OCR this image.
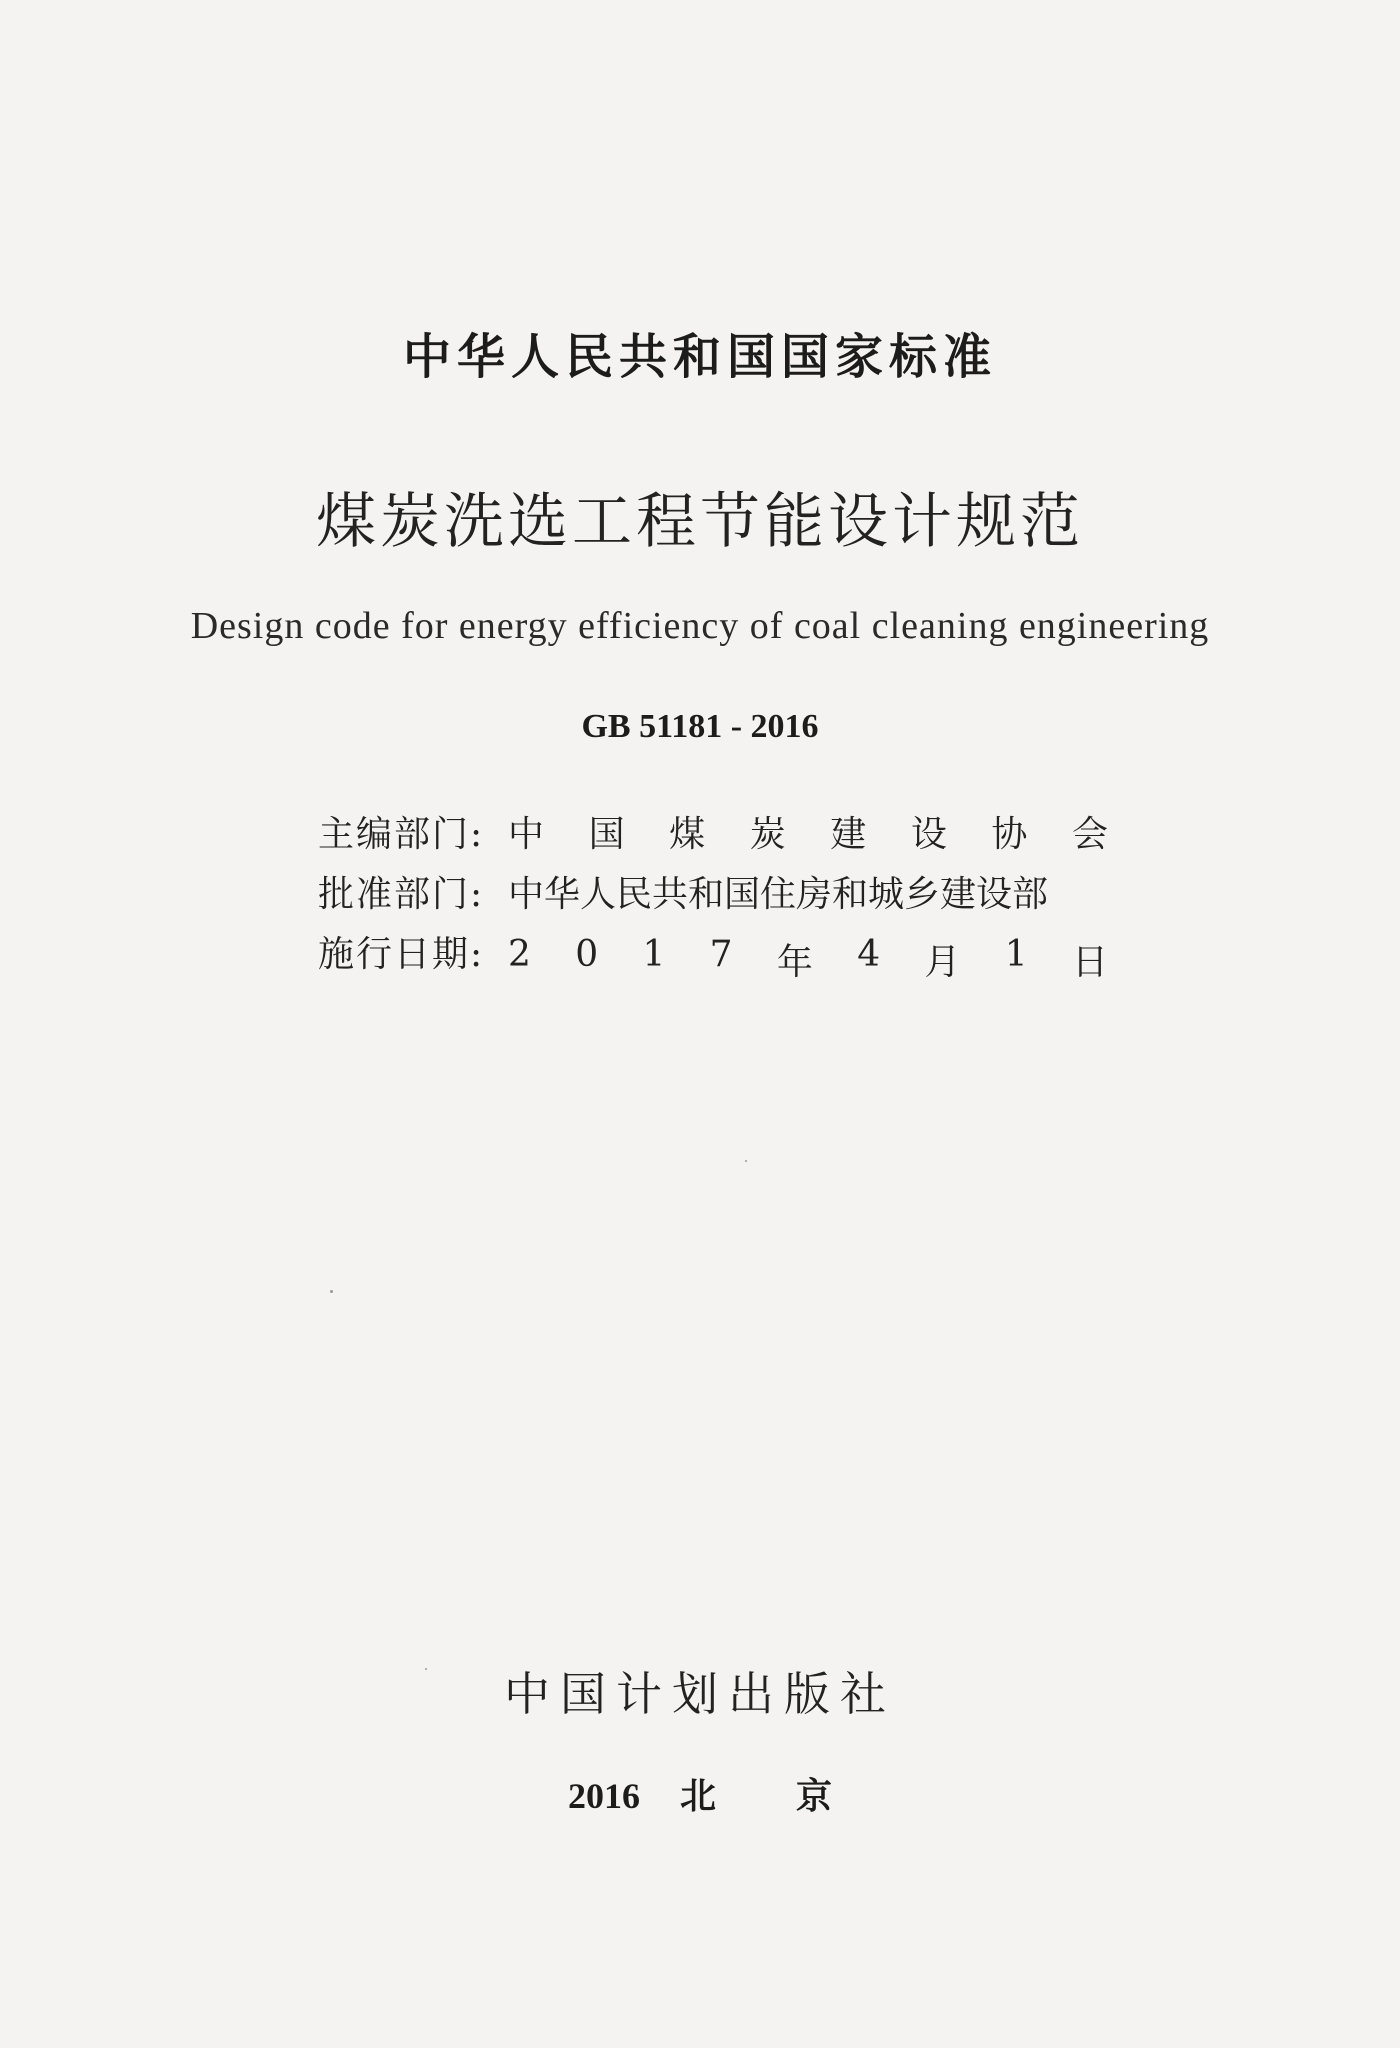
中华人民共和国国家标准
煤炭洗选工程节能设计规范
Design code for energy efficiency of coal cleaning engineering
GB 51181 - 2016
主编部门: 中 国 煤 炭 建 设 协 会
批准部门: 中华人民共和国住房和城乡建设部
施行日期: 2 0 1 7 年 4 月 1 日
中国计划出版社
2016 北 京
